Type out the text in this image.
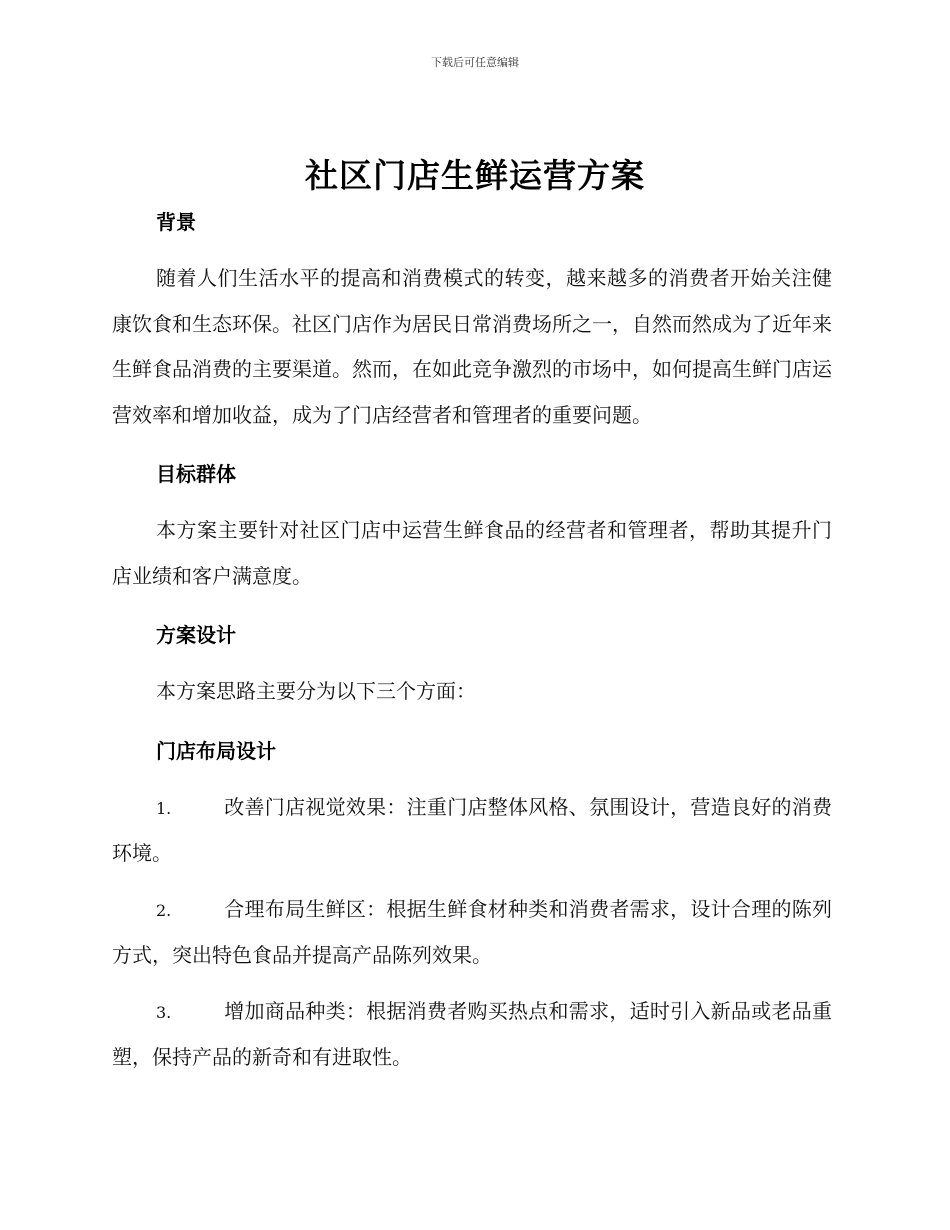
下载后可任意编辑
社区门店生鲜运营方案
背景

随着人们生活水平的提高和消费模式的转变，越来越多的消费者开始关注健康饮食和生态环保。社区门店作为居民日常消费场所之一，自然而然成为了近年来生鲜食品消费的主要渠道。然而，在如此竞争激烈的市场中，如何提高生鲜门店运营效率和增加收益，成为了门店经营者和管理者的重要问题。

目标群体

本方案主要针对社区门店中运营生鲜食品的经营者和管理者，帮助其提升门店业绩和客户满意度。

方案设计

本方案思路主要分为以下三个方面：

门店布局设计

1.	改善门店视觉效果：注重门店整体风格、氛围设计，营造良好的消费环境。

2.	合理布局生鲜区：根据生鲜食材种类和消费者需求，设计合理的陈列方式，突出特色食品并提高产品陈列效果。

3.	增加商品种类：根据消费者购买热点和需求，适时引入新品或老品重塑，保持产品的新奇和有进取性。
